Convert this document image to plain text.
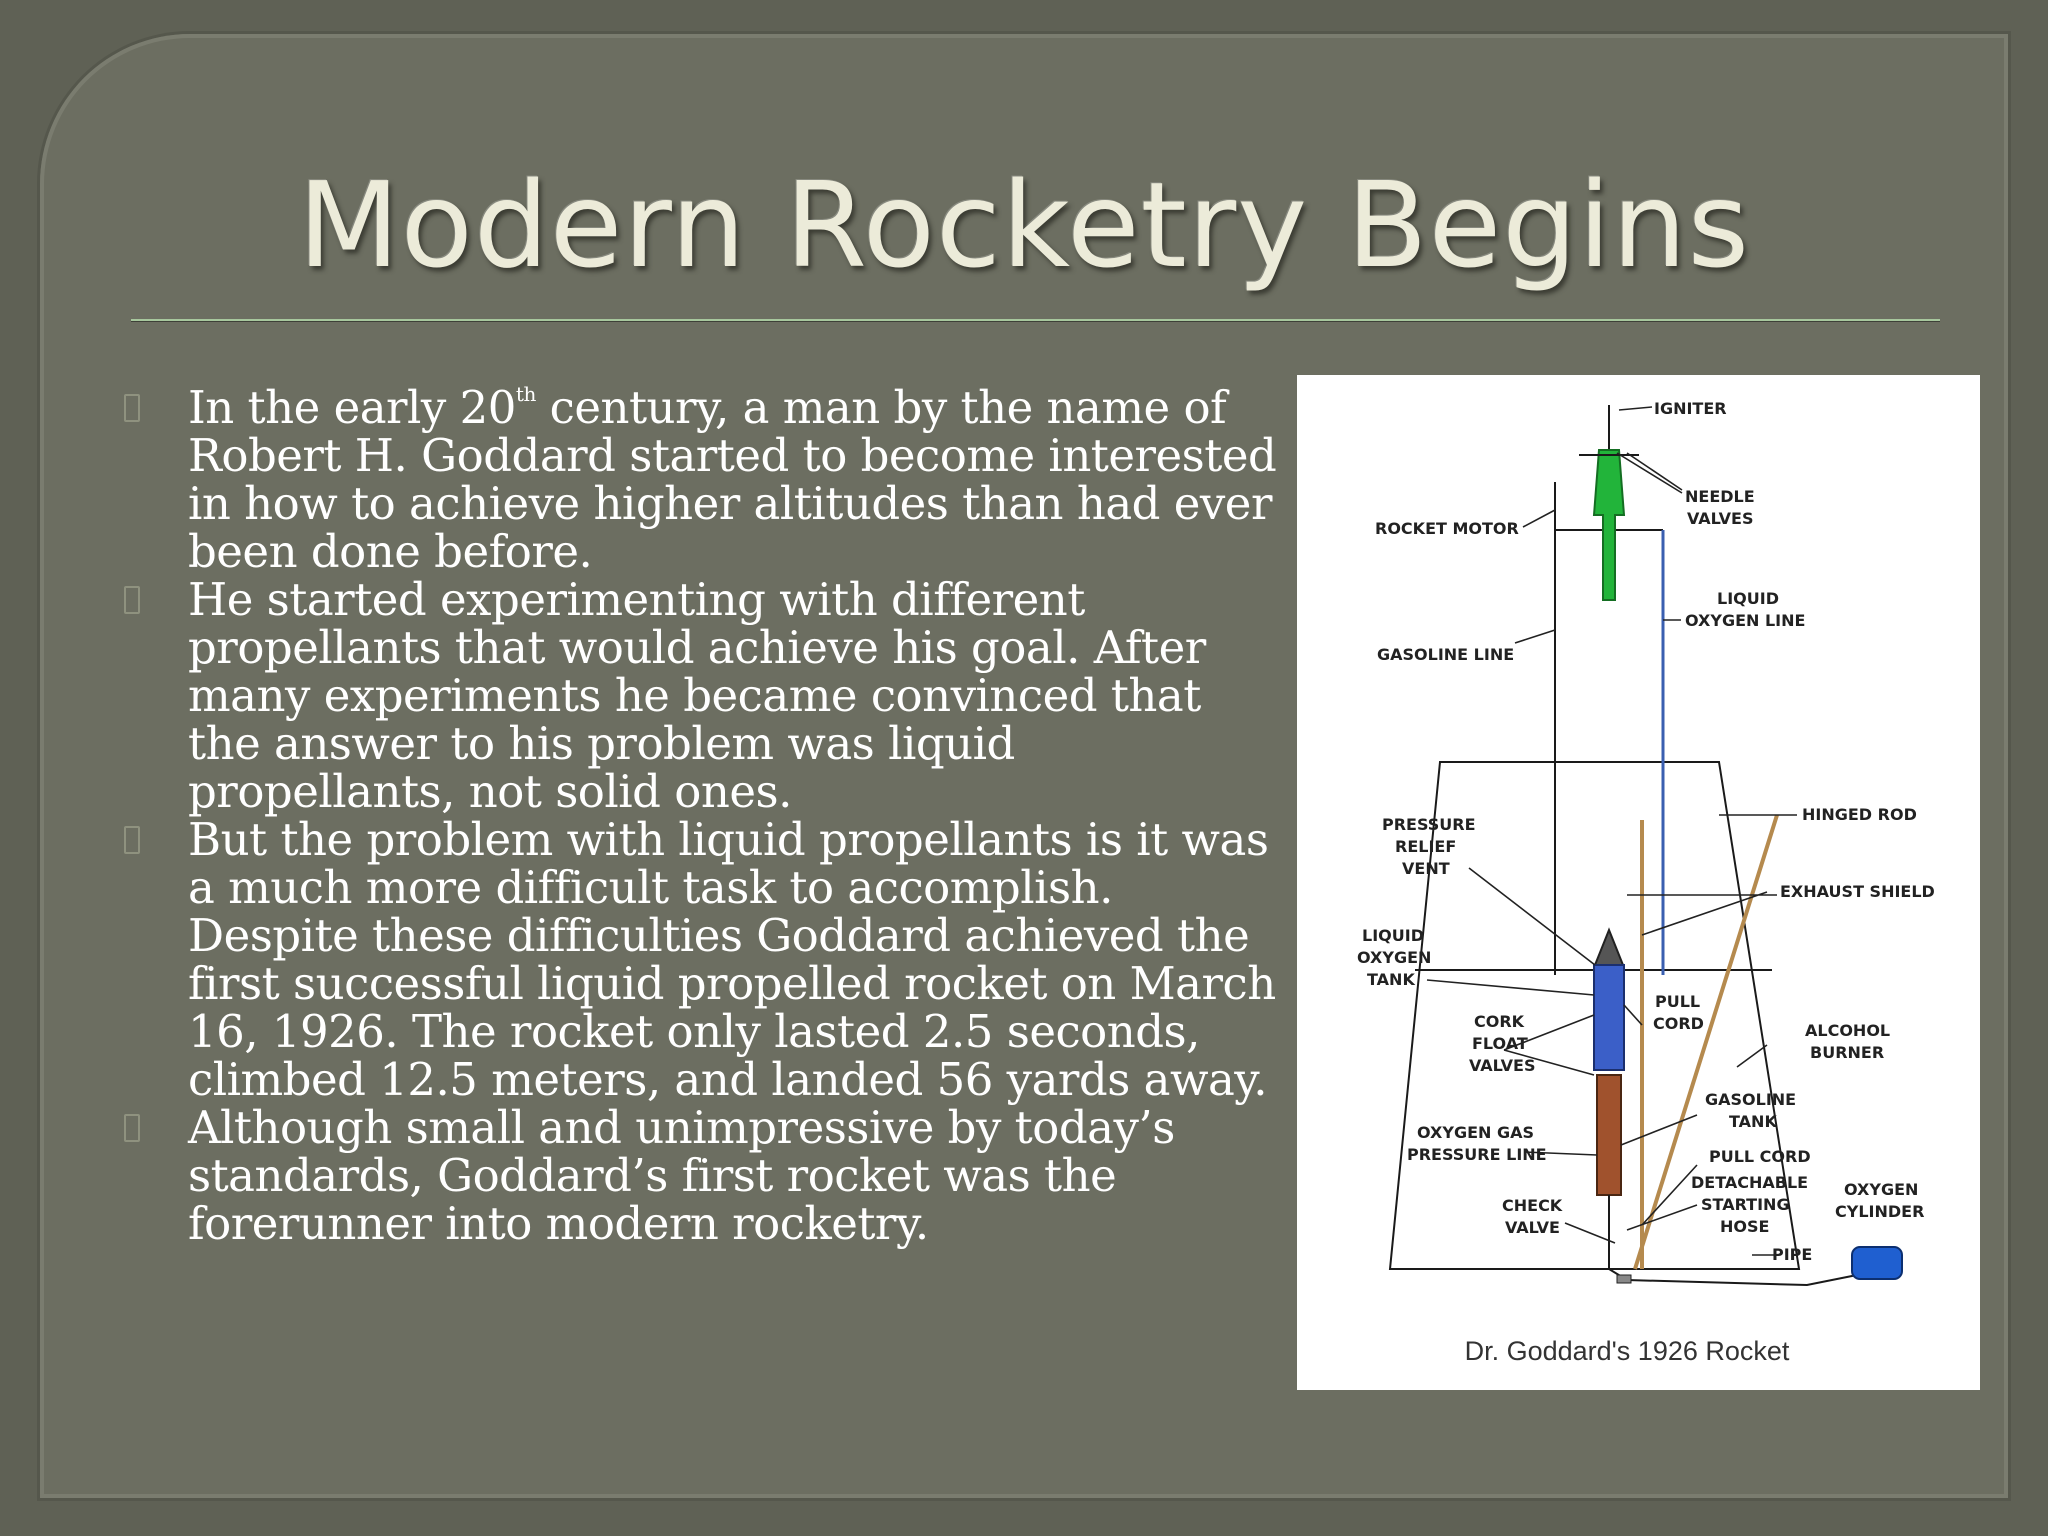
Modern Rocketry Begins
In the early 20th century, a man by the name of Robert H. Goddard started to become interested in how to achieve higher altitudes than had ever been done before.
He started experimenting with different propellants that would achieve his goal. After many experiments he became convinced that the answer to his problem was liquid propellants, not solid ones.
But the problem with liquid propellants is it was a much more difficult task to accomplish. Despite these difficulties Goddard achieved the first successful liquid propelled rocket on March 16, 1926. The rocket only lasted 2.5 seconds, climbed 12.5 meters, and landed 56 yards away.
Although small and unimpressive by today’s standards, Goddard’s first rocket was the forerunner into modern rocketry.
IGNITER
NEEDLE
VALVES
ROCKET MOTOR
LIQUID
OXYGEN LINE
GASOLINE LINE
PRESSURE
RELIEF
VENT
HINGED ROD
EXHAUST SHIELD
LIQUID
OXYGEN
TANK
PULL
CORD
CORK
FLOAT
VALVES
ALCOHOL
BURNER
GASOLINE
TANK
OXYGEN GAS
PRESSURE LINE	PULL CORD
DETACHABLE
STARTING
HOSE
OXYGEN
CYLINDER
CHECK
VALVE
PIPE
Dr. Goddard's 1926 Rocket
